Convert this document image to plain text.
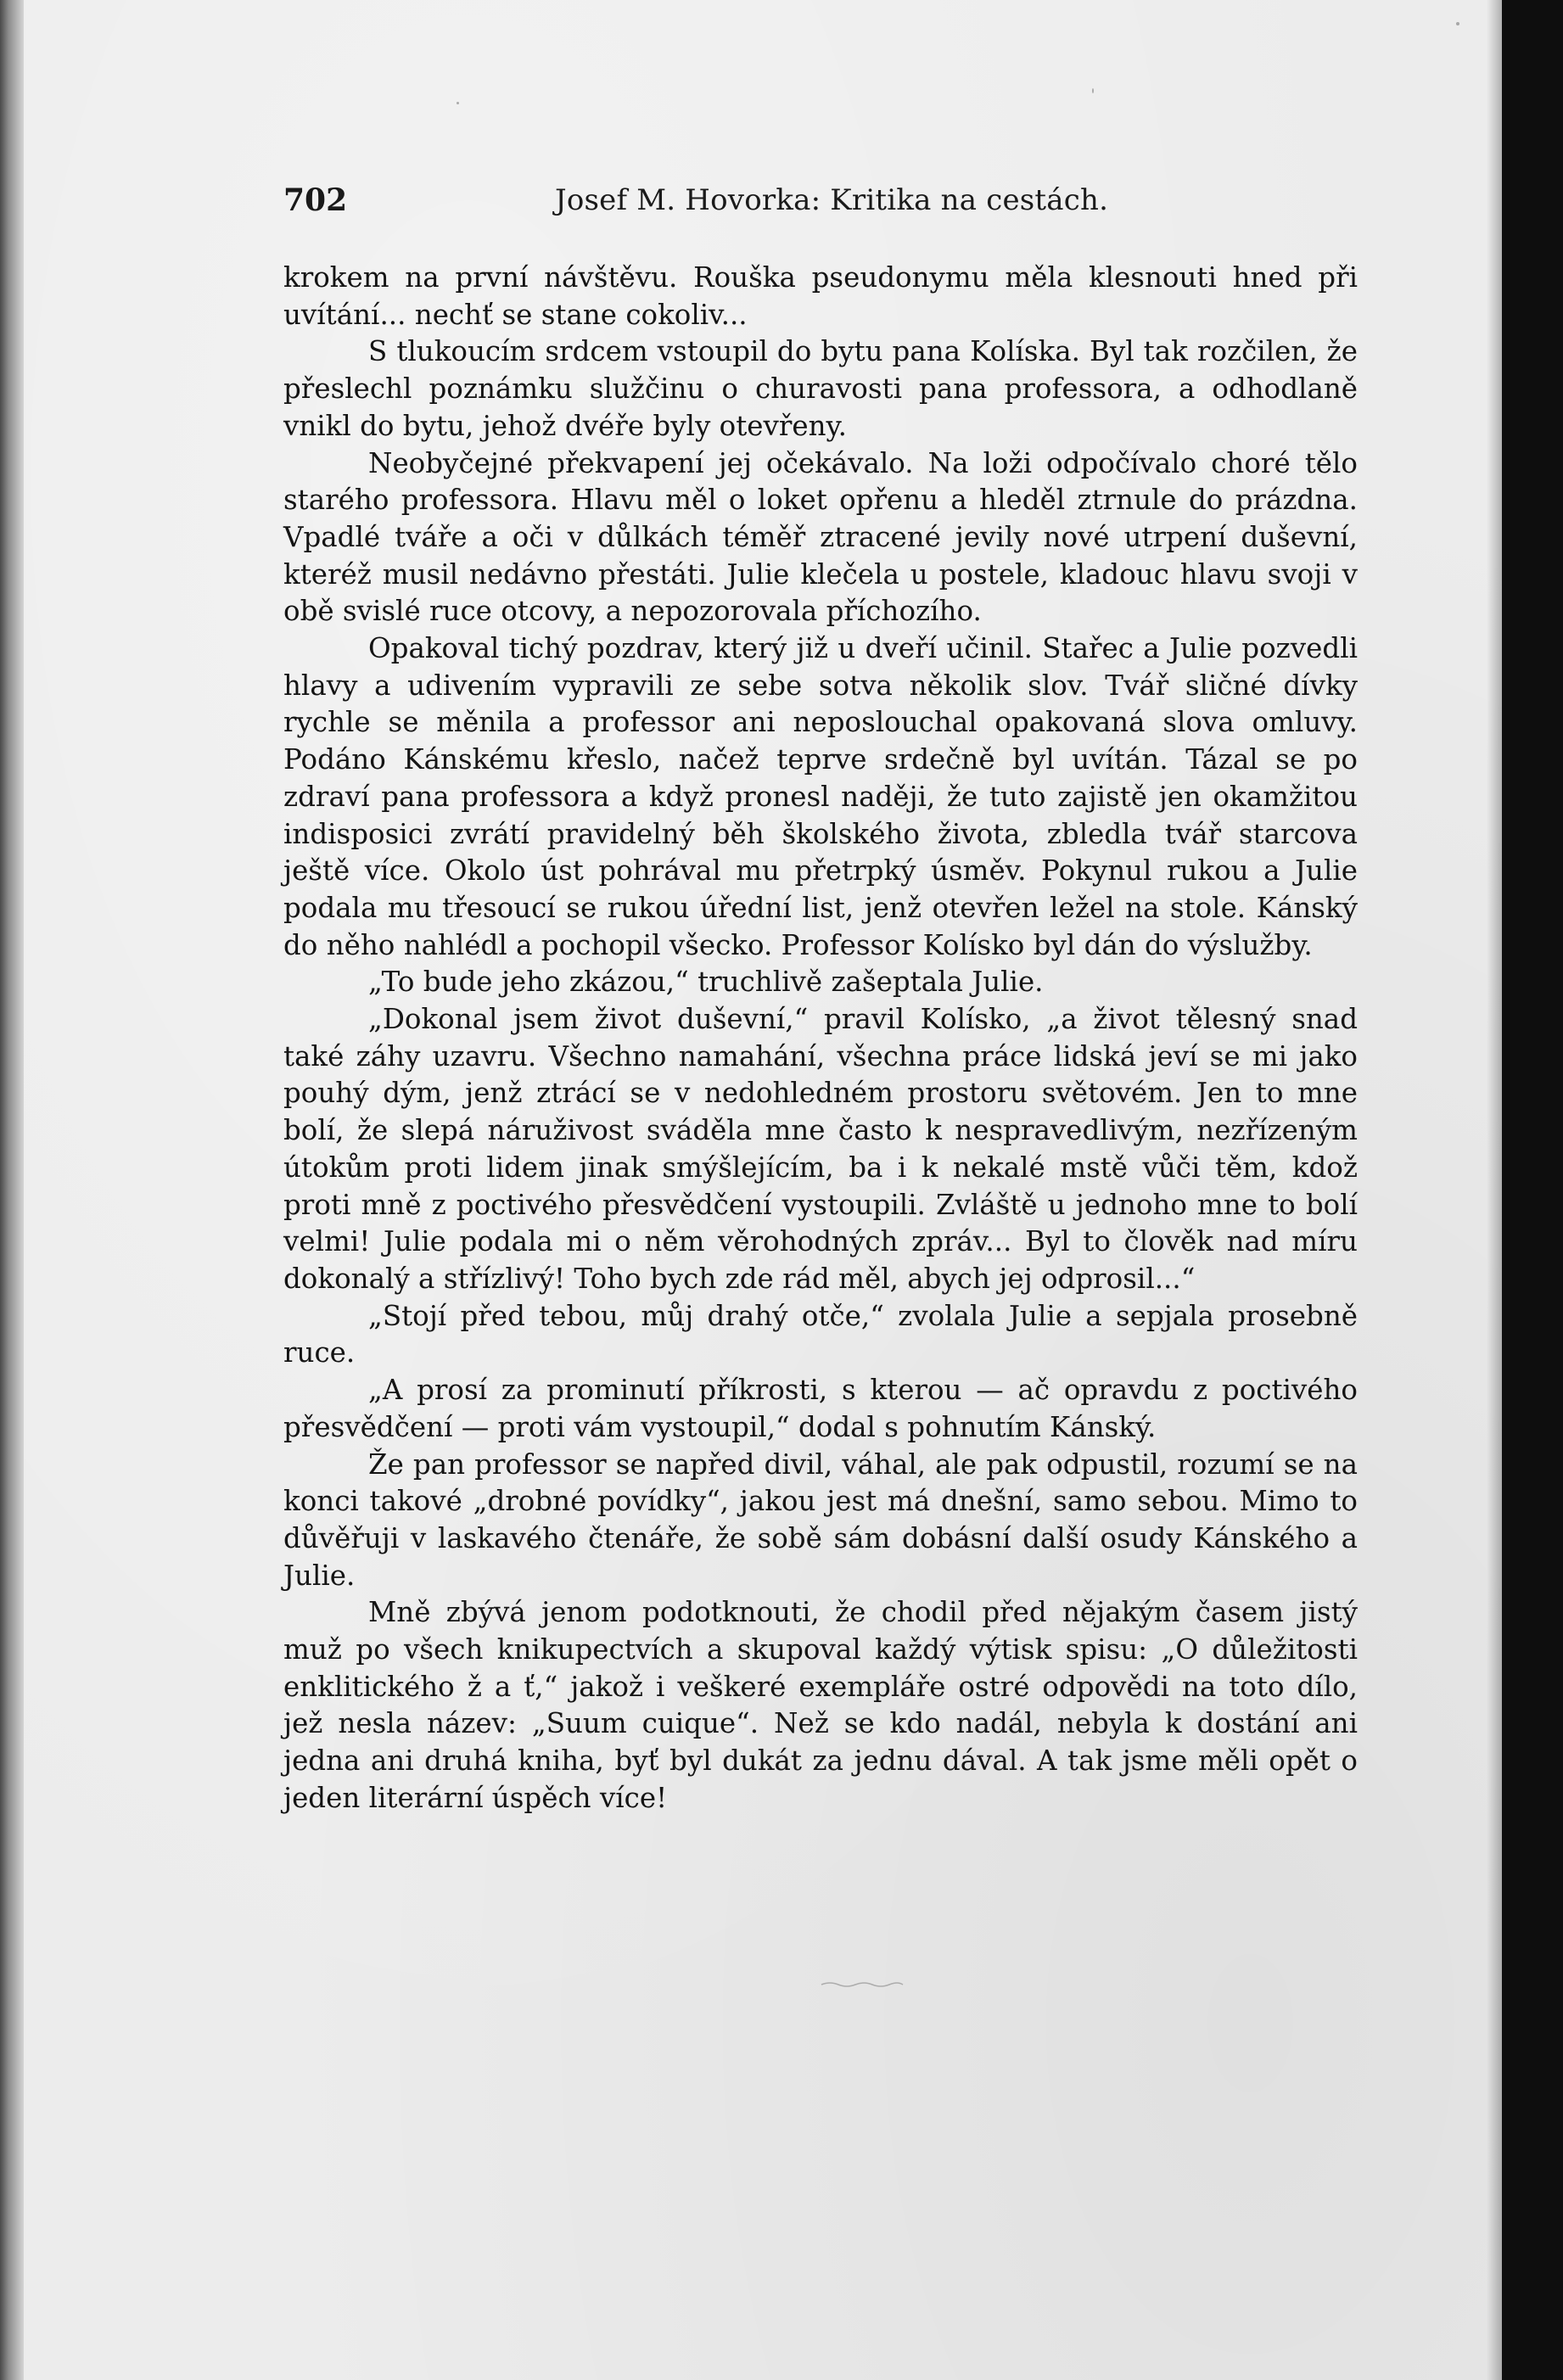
702	Josef M. Hovorka: Kritika na cestách.

krokem na první návštěvu. Rouška pseudonymu měla klesnouti hned při uvítání... nechť se stane cokoliv...

S tlukoucím srdcem vstoupil do bytu pana Kolíska. Byl tak rozčilen, že přeslechl poznámku služčinu o churavosti pana professora, a odhodlaně vnikl do bytu, jehož dvéře byly otevřeny.

Neobyčejné překvapení jej očekávalo. Na loži odpočívalo choré tělo starého professora. Hlavu měl o loket opřenu a hleděl ztrnule do prázdna. Vpadlé tváře a oči v důlkách téměř ztracené jevily nové utrpení duševní, kteréž musil nedávno přestáti. Julie klečela u postele, kladouc hlavu svoji v obě svislé ruce otcovy, a nepozorovala příchozího.

Opakoval tichý pozdrav, který již u dveří učinil. Stařec a Julie pozvedli hlavy a udivením vypravili ze sebe sotva několik slov. Tvář sličné dívky rychle se měnila a professor ani neposlouchal opakovaná slova omluvy. Podáno Kánskému křeslo, načež teprve srdečně byl uvítán. Tázal se po zdraví pana professora a když pronesl naději, že tuto zajistě jen okamžitou indisposici zvrátí pravidelný běh školského života, zbledla tvář starcova ještě více. Okolo úst pohrával mu přetrpký úsměv. Pokynul rukou a Julie podala mu třesoucí se rukou úřední list, jenž otevřen ležel na stole. Kánský do něho nahlédl a pochopil všecko. Professor Kolísko byl dán do výslužby.

„To bude jeho zkázou,“ truchlivě zašeptala Julie.

„Dokonal jsem život duševní,“ pravil Kolísko, „a život tělesný snad také záhy uzavru. Všechno namahání, všechna práce lidská jeví se mi jako pouhý dým, jenž ztrácí se v nedohledném prostoru světovém. Jen to mne bolí, že slepá náruživost sváděla mne často k nespravedlivým, nezřízeným útokům proti lidem jinak smýšlejícím, ba i k nekalé mstě vůči těm, kdož proti mně z poctivého přesvědčení vystoupili. Zvláště u jednoho mne to bolí velmi! Julie podala mi o něm věrohodných zpráv... Byl to člověk nad míru dokonalý a střízlivý! Toho bych zde rád měl, abych jej odprosil...“

„Stojí před tebou, můj drahý otče,“ zvolala Julie a sepjala prosebně ruce.

„A prosí za prominutí příkrosti, s kterou — ač opravdu z poctivého přesvědčení — proti vám vystoupil,“ dodal s pohnutím Kánský.

Že pan professor se napřed divil, váhal, ale pak odpustil, rozumí se na konci takové „drobné povídky“, jakou jest má dnešní, samo sebou. Mimo to důvěřuji v laskavého čtenáře, že sobě sám dobásní další osudy Kánského a Julie.

Mně zbývá jenom podotknouti, že chodil před nějakým časem jistý muž po všech knikupectvích a skupoval každý výtisk spisu: „O důležitosti enklitického ž a ť,“ jakož i veškeré exempláře ostré odpovědi na toto dílo, jež nesla název: „Suum cuique“. Než se kdo nadál, nebyla k dostání ani jedna ani druhá kniha, byť byl dukát za jednu dával. A tak jsme měli opět o jeden literární úspěch více!
